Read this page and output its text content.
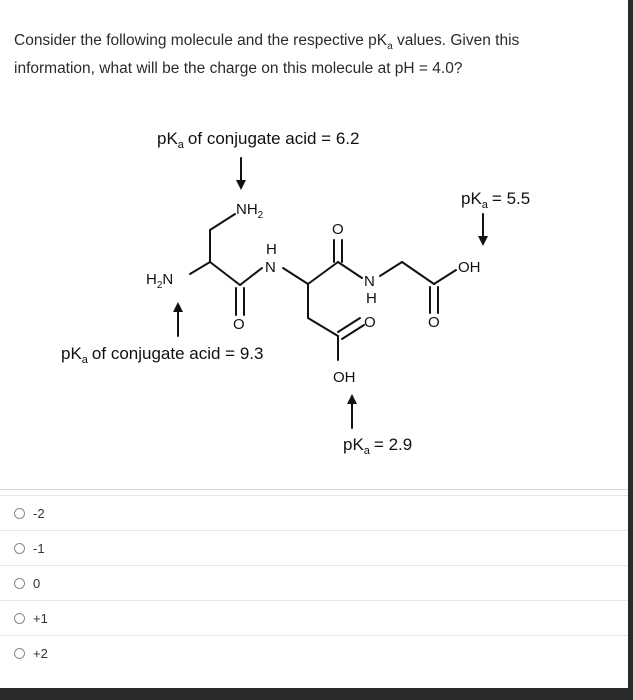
Consider the following molecule and the respective $pK_a$ values. Given this
information, what will be the charge on this molecule at pH = 4.0?

$pK_a$ of conjugate acid = 6.2
$pK_a = 5.5$
$pK_a$ of conjugate acid = 9.3
$pK_a = 2.9$
$NH_2$
$H_2N$
H
N
N
H
O
O
O	O
OH
OH
-2
-1
0
+1
+2
